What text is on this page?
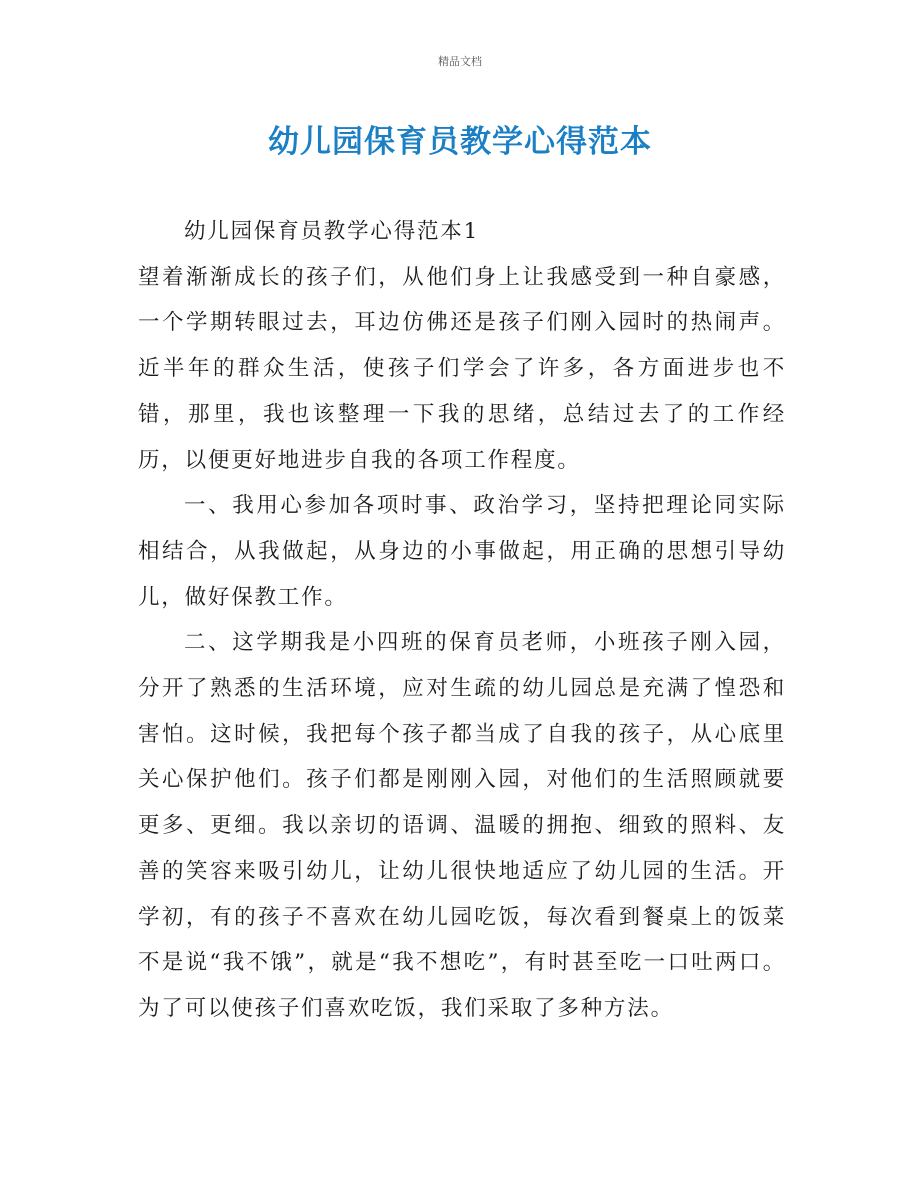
精品文档
幼儿园保育员教学心得范本

幼儿园保育员教学心得范本1

望着渐渐成长的孩子们，从他们身上让我感受到一种自豪感，一个学期转眼过去，耳边仿佛还是孩子们刚入园时的热闹声。近半年的群众生活，使孩子们学会了许多，各方面进步也不错，那里，我也该整理一下我的思绪，总结过去了的工作经历，以便更好地进步自我的各项工作程度。

一、我用心参加各项时事、政治学习，坚持把理论同实际相结合，从我做起，从身边的小事做起，用正确的思想引导幼儿，做好保教工作。

二、这学期我是小四班的保育员老师，小班孩子刚入园，分开了熟悉的生活环境，应对生疏的幼儿园总是充满了惶恐和害怕。这时候，我把每个孩子都当成了自我的孩子，从心底里关心保护他们。孩子们都是刚刚入园，对他们的生活照顾就要更多、更细。我以亲切的语调、温暖的拥抱、细致的照料、友善的笑容来吸引幼儿，让幼儿很快地适应了幼儿园的生活。开学初，有的孩子不喜欢在幼儿园吃饭，每次看到餐桌上的饭菜不是说“我不饿”，就是“我不想吃”，有时甚至吃一口吐两口。为了可以使孩子们喜欢吃饭，我们采取了多种方法。
